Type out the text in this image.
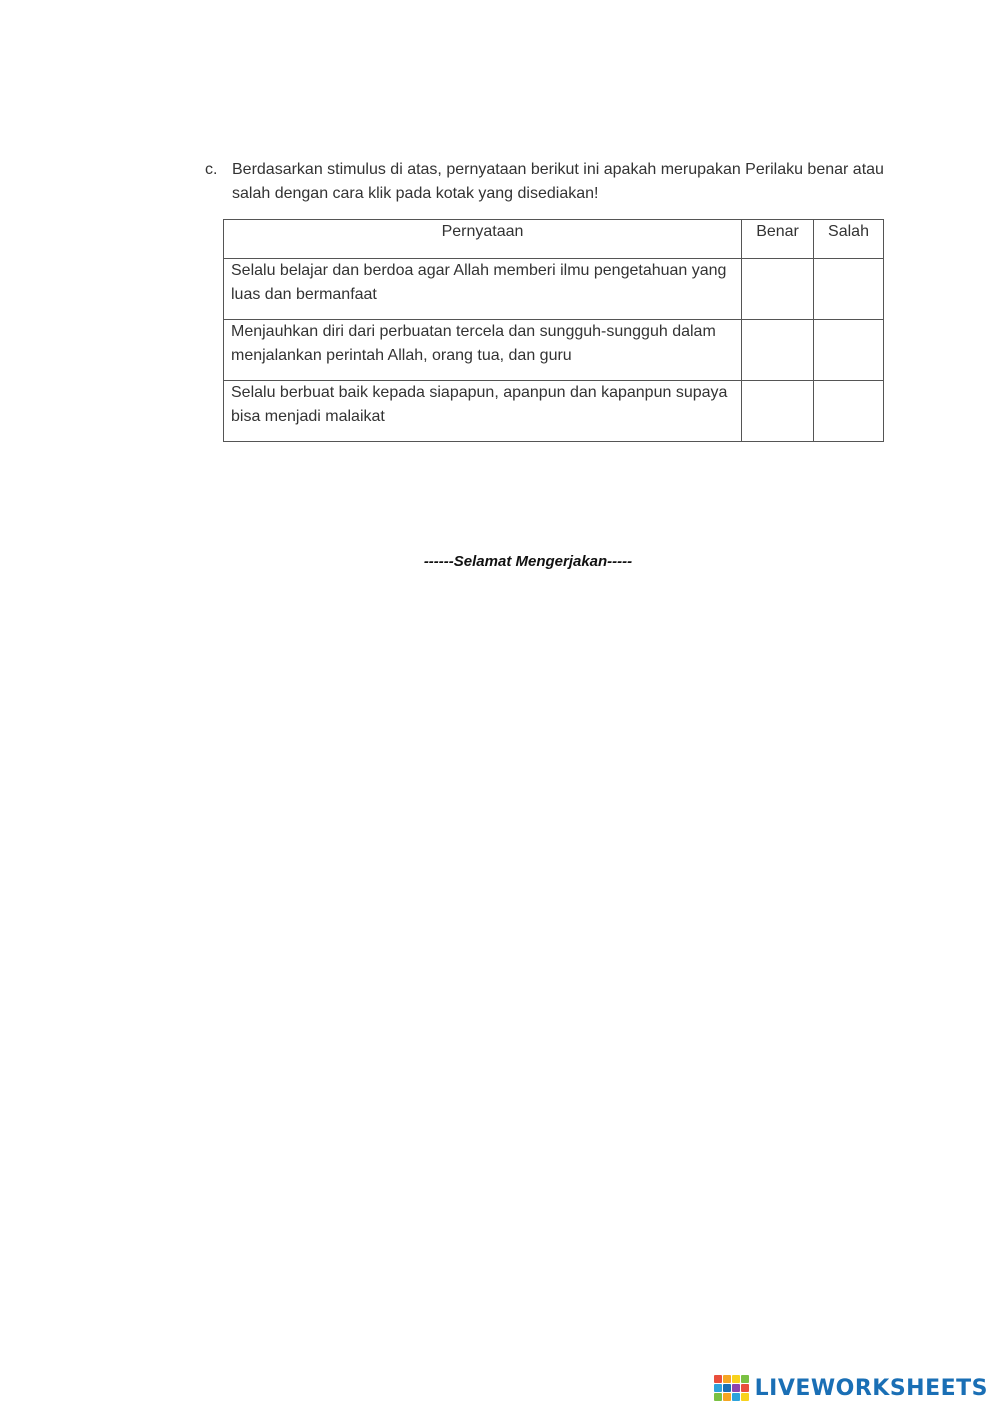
c. Berdasarkan stimulus di atas, pernyataan berikut ini apakah merupakan Perilaku benar atau salah dengan cara klik pada kotak yang disediakan!
Pernyataan	Benar	Salah
Selalu belajar dan berdoa agar Allah memberi ilmu pengetahuan yang luas dan bermanfaat	

Menjauhkan diri dari perbuatan tercela dan sungguh-sungguh dalam menjalankan perintah Allah, orang tua, dan guru	

Selalu berbuat baik kepada siapapun, apanpun dan kapanpun supaya bisa menjadi malaikat	

------Selamat Mengerjakan-----
LIVEWORKSHEETS
